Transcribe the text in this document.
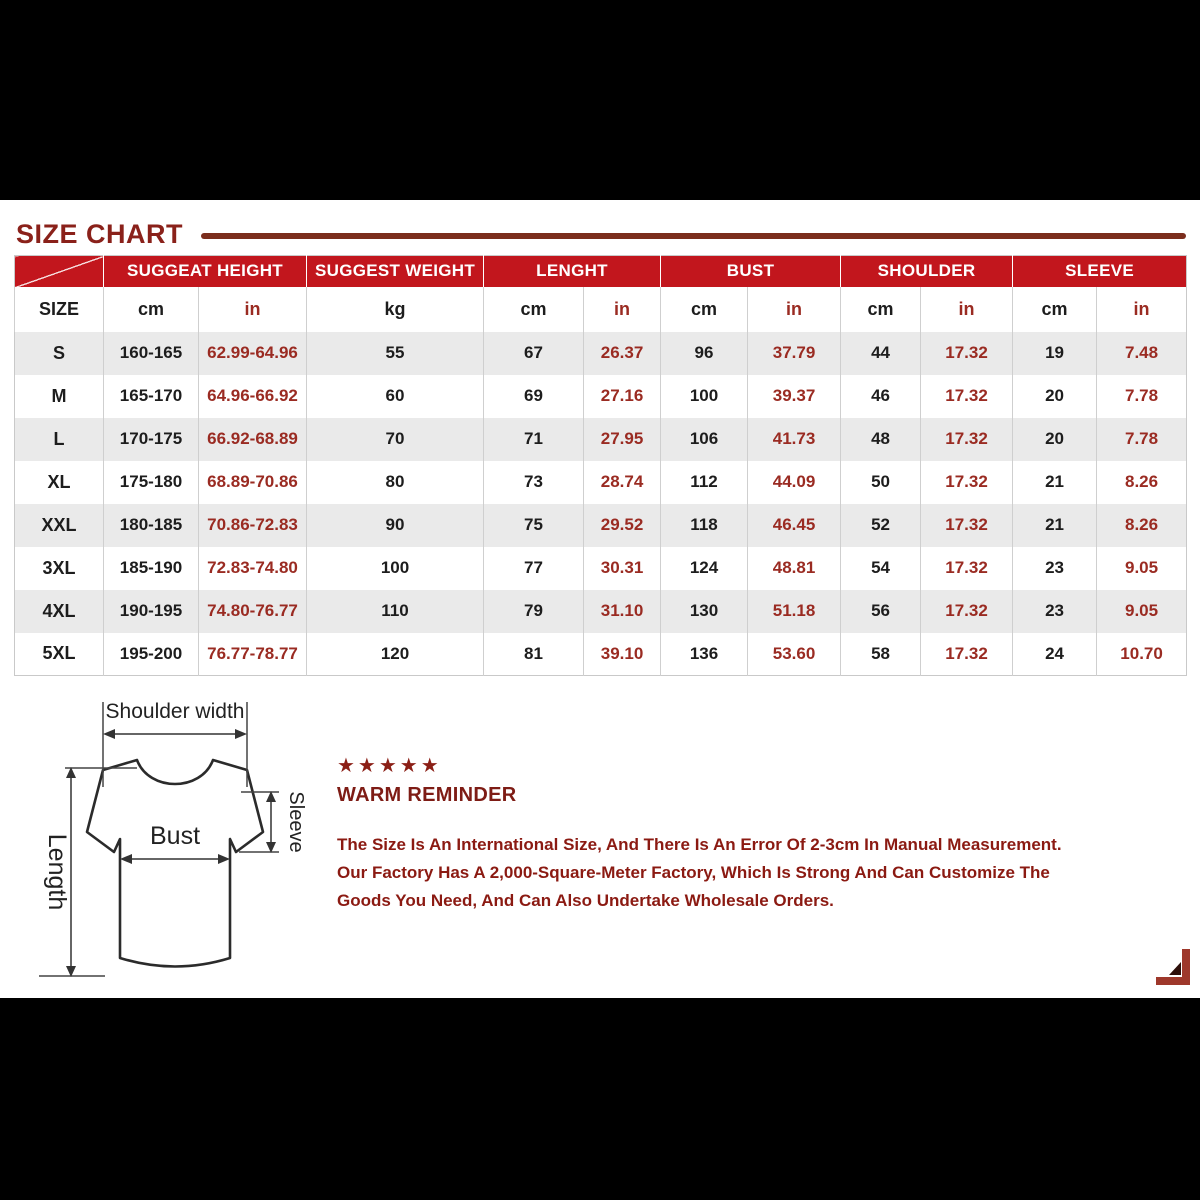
SIZE CHART
	SUGGEAT HEIGHT		SUGGEST WEIGHT	LENGHT		BUST		SHOULDER		SLEEVE	
SIZE	cm	in	kg	cm	in	cm	in	cm	in	cm	in
S	160-165	62.99-64.96	55	67	26.37	96	37.79	44	17.32	19	7.48
M	165-170	64.96-66.92	60	69	27.16	100	39.37	46	17.32	20	7.78
L	170-175	66.92-68.89	70	71	27.95	106	41.73	48	17.32	20	7.78
XL	175-180	68.89-70.86	80	73	28.74	112	44.09	50	17.32	21	8.26
XXL	180-185	70.86-72.83	90	75	29.52	118	46.45	52	17.32	21	8.26
3XL	185-190	72.83-74.80	100	77	30.31	124	48.81	54	17.32	23	9.05
4XL	190-195	74.80-76.77	110	79	31.10	130	51.18	56	17.32	23	9.05
5XL	195-200	76.77-78.77	120	81	39.10	136	53.60	58	17.32	24	10.70
Shoulder width
Bust	Sleeve
Length
★★★★★
WARM REMINDER

The Size Is An International Size, And There Is An Error Of 2-3cm In Manual Measurement. Our Factory Has A 2,000-Square-Meter Factory, Which Is Strong And Can Customize The Goods You Need, And Can Also Undertake Wholesale Orders.
